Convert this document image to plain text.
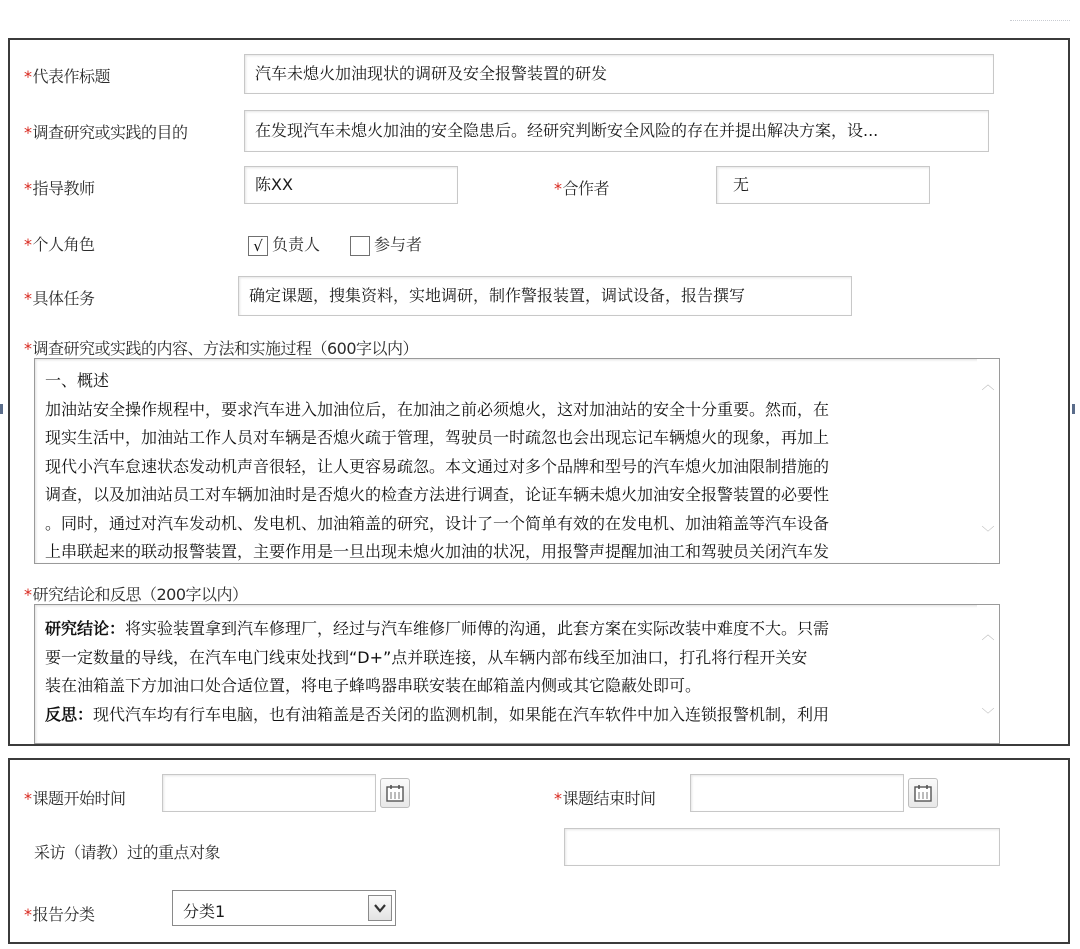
*代表作标题	汽车未熄火加油现状的调研及安全报警装置的研发
*调查研究或实践的目的	在发现汽车未熄火加油的安全隐患后。经研究判断安全风险的存在并提出解决方案，设...
*指导教师	陈XX	*合作者	无
*个人角色	√ 负责人	参与者
*具体任务	确定课题，搜集资料，实地调研，制作警报装置，调试设备，报告撰写
*调查研究或实践的内容、方法和实施过程（600字以内）
一、概述
加油站安全操作规程中，要求汽车进入加油位后，在加油之前必须熄火，这对加油站的安全十分重要。然而，在
现实生活中，加油站工作人员对车辆是否熄火疏于管理，驾驶员一时疏忽也会出现忘记车辆熄火的现象，再加上
现代小汽车怠速状态发动机声音很轻，让人更容易疏忽。本文通过对多个品牌和型号的汽车熄火加油限制措施的
调查，以及加油站员工对车辆加油时是否熄火的检查方法进行调查，论证车辆未熄火加油安全报警装置的必要性
。同时，通过对汽车发动机、发电机、加油箱盖的研究，设计了一个简单有效的在发电机、加油箱盖等汽车设备
上串联起来的联动报警装置，主要作用是一旦出现未熄火加油的状况，用报警声提醒加油工和驾驶员关闭汽车发
︿
﹀
*研究结论和反思（200字以内）
研究结论：将实验装置拿到汽车修理厂，经过与汽车维修厂师傅的沟通，此套方案在实际改装中难度不大。只需
要一定数量的导线，在汽车电门线束处找到“D+”点并联连接，从车辆内部布线至加油口，打孔将行程开关安
装在油箱盖下方加油口处合适位置，将电子蜂鸣器串联安装在邮箱盖内侧或其它隐蔽处即可。
反思：现代汽车均有行车电脑，也有油箱盖是否关闭的监测机制，如果能在汽车软件中加入连锁报警机制，利用
︿
﹀
*课题开始时间	*课题结束时间
采访（请教）过的重点对象
*报告分类	分类1
